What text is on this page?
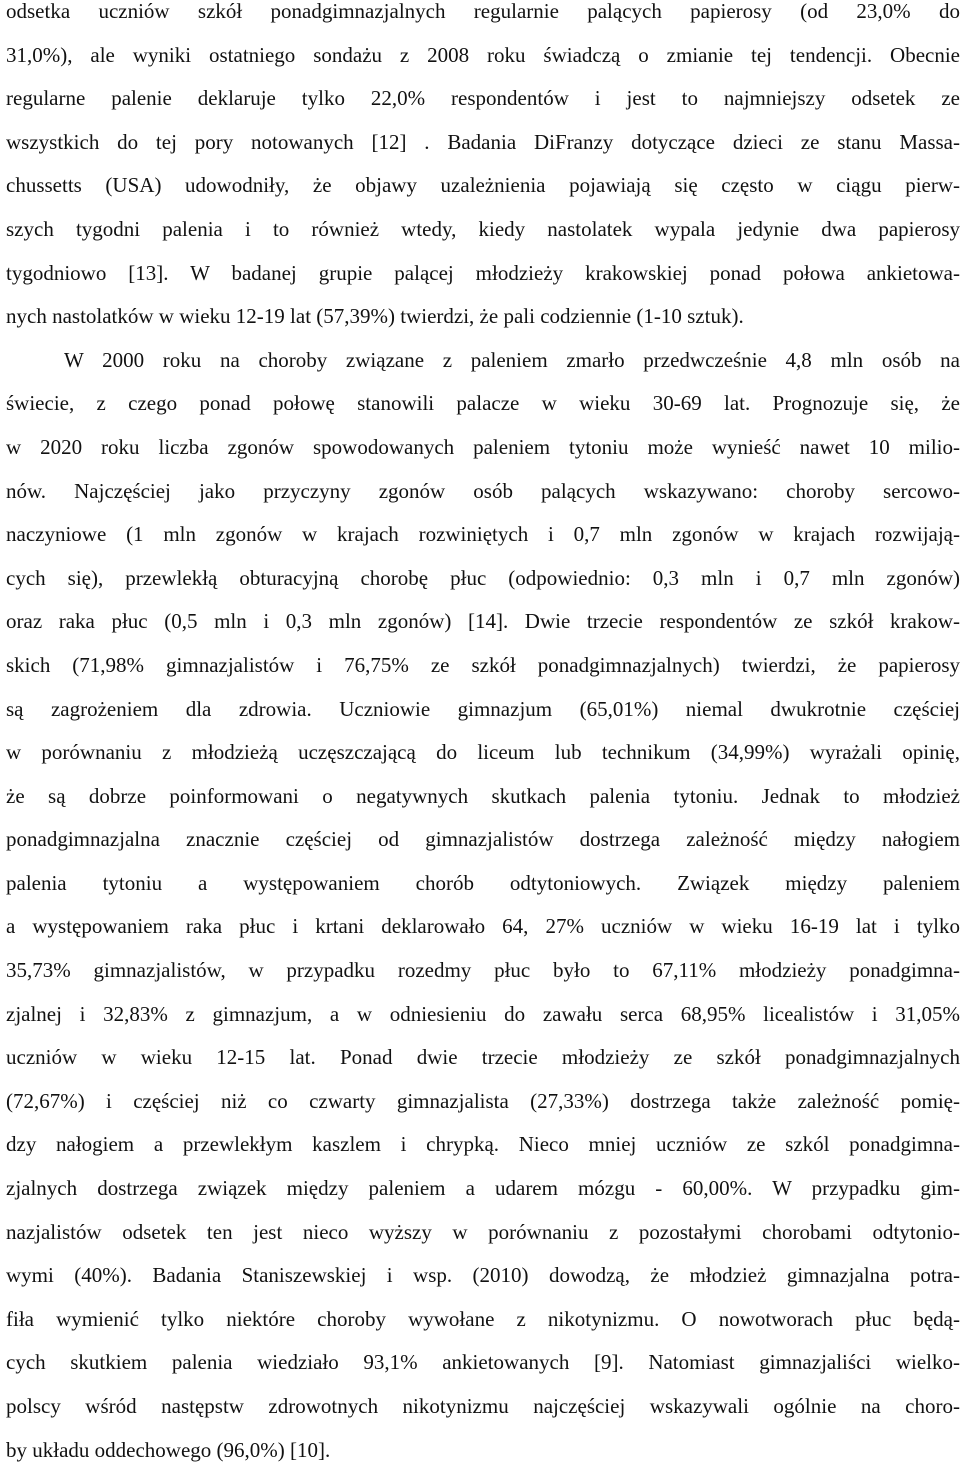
odsetka uczniów szkół ponadgimnazjalnych regularnie palących papierosy (od 23,0% do
31,0%), ale wyniki ostatniego sondażu z 2008 roku świadczą o zmianie tej tendencji. Obecnie
regularne palenie deklaruje tylko 22,0% respondentów i jest to najmniejszy odsetek ze
wszystkich do tej pory notowanych [12] . Badania DiFranzy dotyczące dzieci ze stanu Massa-
chussetts (USA) udowodniły, że objawy uzależnienia pojawiają się często w ciągu pierw-
szych tygodni palenia i to również wtedy, kiedy nastolatek wypala jedynie dwa papierosy
tygodniowo [13]. W badanej grupie palącej młodzieży krakowskiej ponad połowa ankietowa-
nych nastolatków w wieku 12-19 lat (57,39%) twierdzi, że pali codziennie (1-10 sztuk).
W 2000 roku na choroby związane z paleniem zmarło przedwcześnie 4,8 mln osób na
świecie, z czego ponad połowę stanowili palacze w wieku 30-69 lat. Prognozuje się, że
w 2020 roku liczba zgonów spowodowanych paleniem tytoniu może wynieść nawet 10 milio-
nów. Najczęściej jako przyczyny zgonów osób palących wskazywano: choroby sercowo-
naczyniowe (1 mln zgonów w krajach rozwiniętych i 0,7 mln zgonów w krajach rozwijają-
cych się), przewlekłą obturacyjną chorobę płuc (odpowiednio: 0,3 mln i 0,7 mln zgonów)
oraz raka płuc (0,5 mln i 0,3 mln zgonów) [14]. Dwie trzecie respondentów ze szkół krakow-
skich (71,98% gimnazjalistów i 76,75% ze szkół ponadgimnazjalnych) twierdzi, że papierosy
są zagrożeniem dla zdrowia. Uczniowie gimnazjum (65,01%) niemal dwukrotnie częściej
w porównaniu z młodzieżą uczęszczającą do liceum lub technikum (34,99%) wyrażali opinię,
że są dobrze poinformowani o negatywnych skutkach palenia tytoniu. Jednak to młodzież
ponadgimnazjalna znacznie częściej od gimnazjalistów dostrzega zależność między nałogiem
palenia tytoniu a występowaniem chorób odtytoniowych. Związek między paleniem
a występowaniem raka płuc i krtani deklarowało 64, 27% uczniów w wieku 16-19 lat i tylko
35,73% gimnazjalistów, w przypadku rozedmy płuc było to 67,11% młodzieży ponadgimna-
zjalnej i 32,83% z gimnazjum, a w odniesieniu do zawału serca 68,95% licealistów i 31,05%
uczniów w wieku 12-15 lat. Ponad dwie trzecie młodzieży ze szkół ponadgimnazjalnych
(72,67%) i częściej niż co czwarty gimnazjalista (27,33%) dostrzega także zależność pomię-
dzy nałogiem a przewlekłym kaszlem i chrypką. Nieco mniej uczniów ze szkól ponadgimna-
zjalnych dostrzega związek między paleniem a udarem mózgu - 60,00%. W przypadku gim-
nazjalistów odsetek ten jest nieco wyższy w porównaniu z pozostałymi chorobami odtytonio-
wymi (40%). Badania Staniszewskiej i wsp. (2010) dowodzą, że młodzież gimnazjalna potra-
fiła wymienić tylko niektóre choroby wywołane z nikotynizmu. O nowotworach płuc będą-
cych skutkiem palenia wiedziało 93,1% ankietowanych [9]. Natomiast gimnazjaliści wielko-
polscy wśród następstw zdrowotnych nikotynizmu najczęściej wskazywali ogólnie na choro-
by układu oddechowego (96,0%) [10].
